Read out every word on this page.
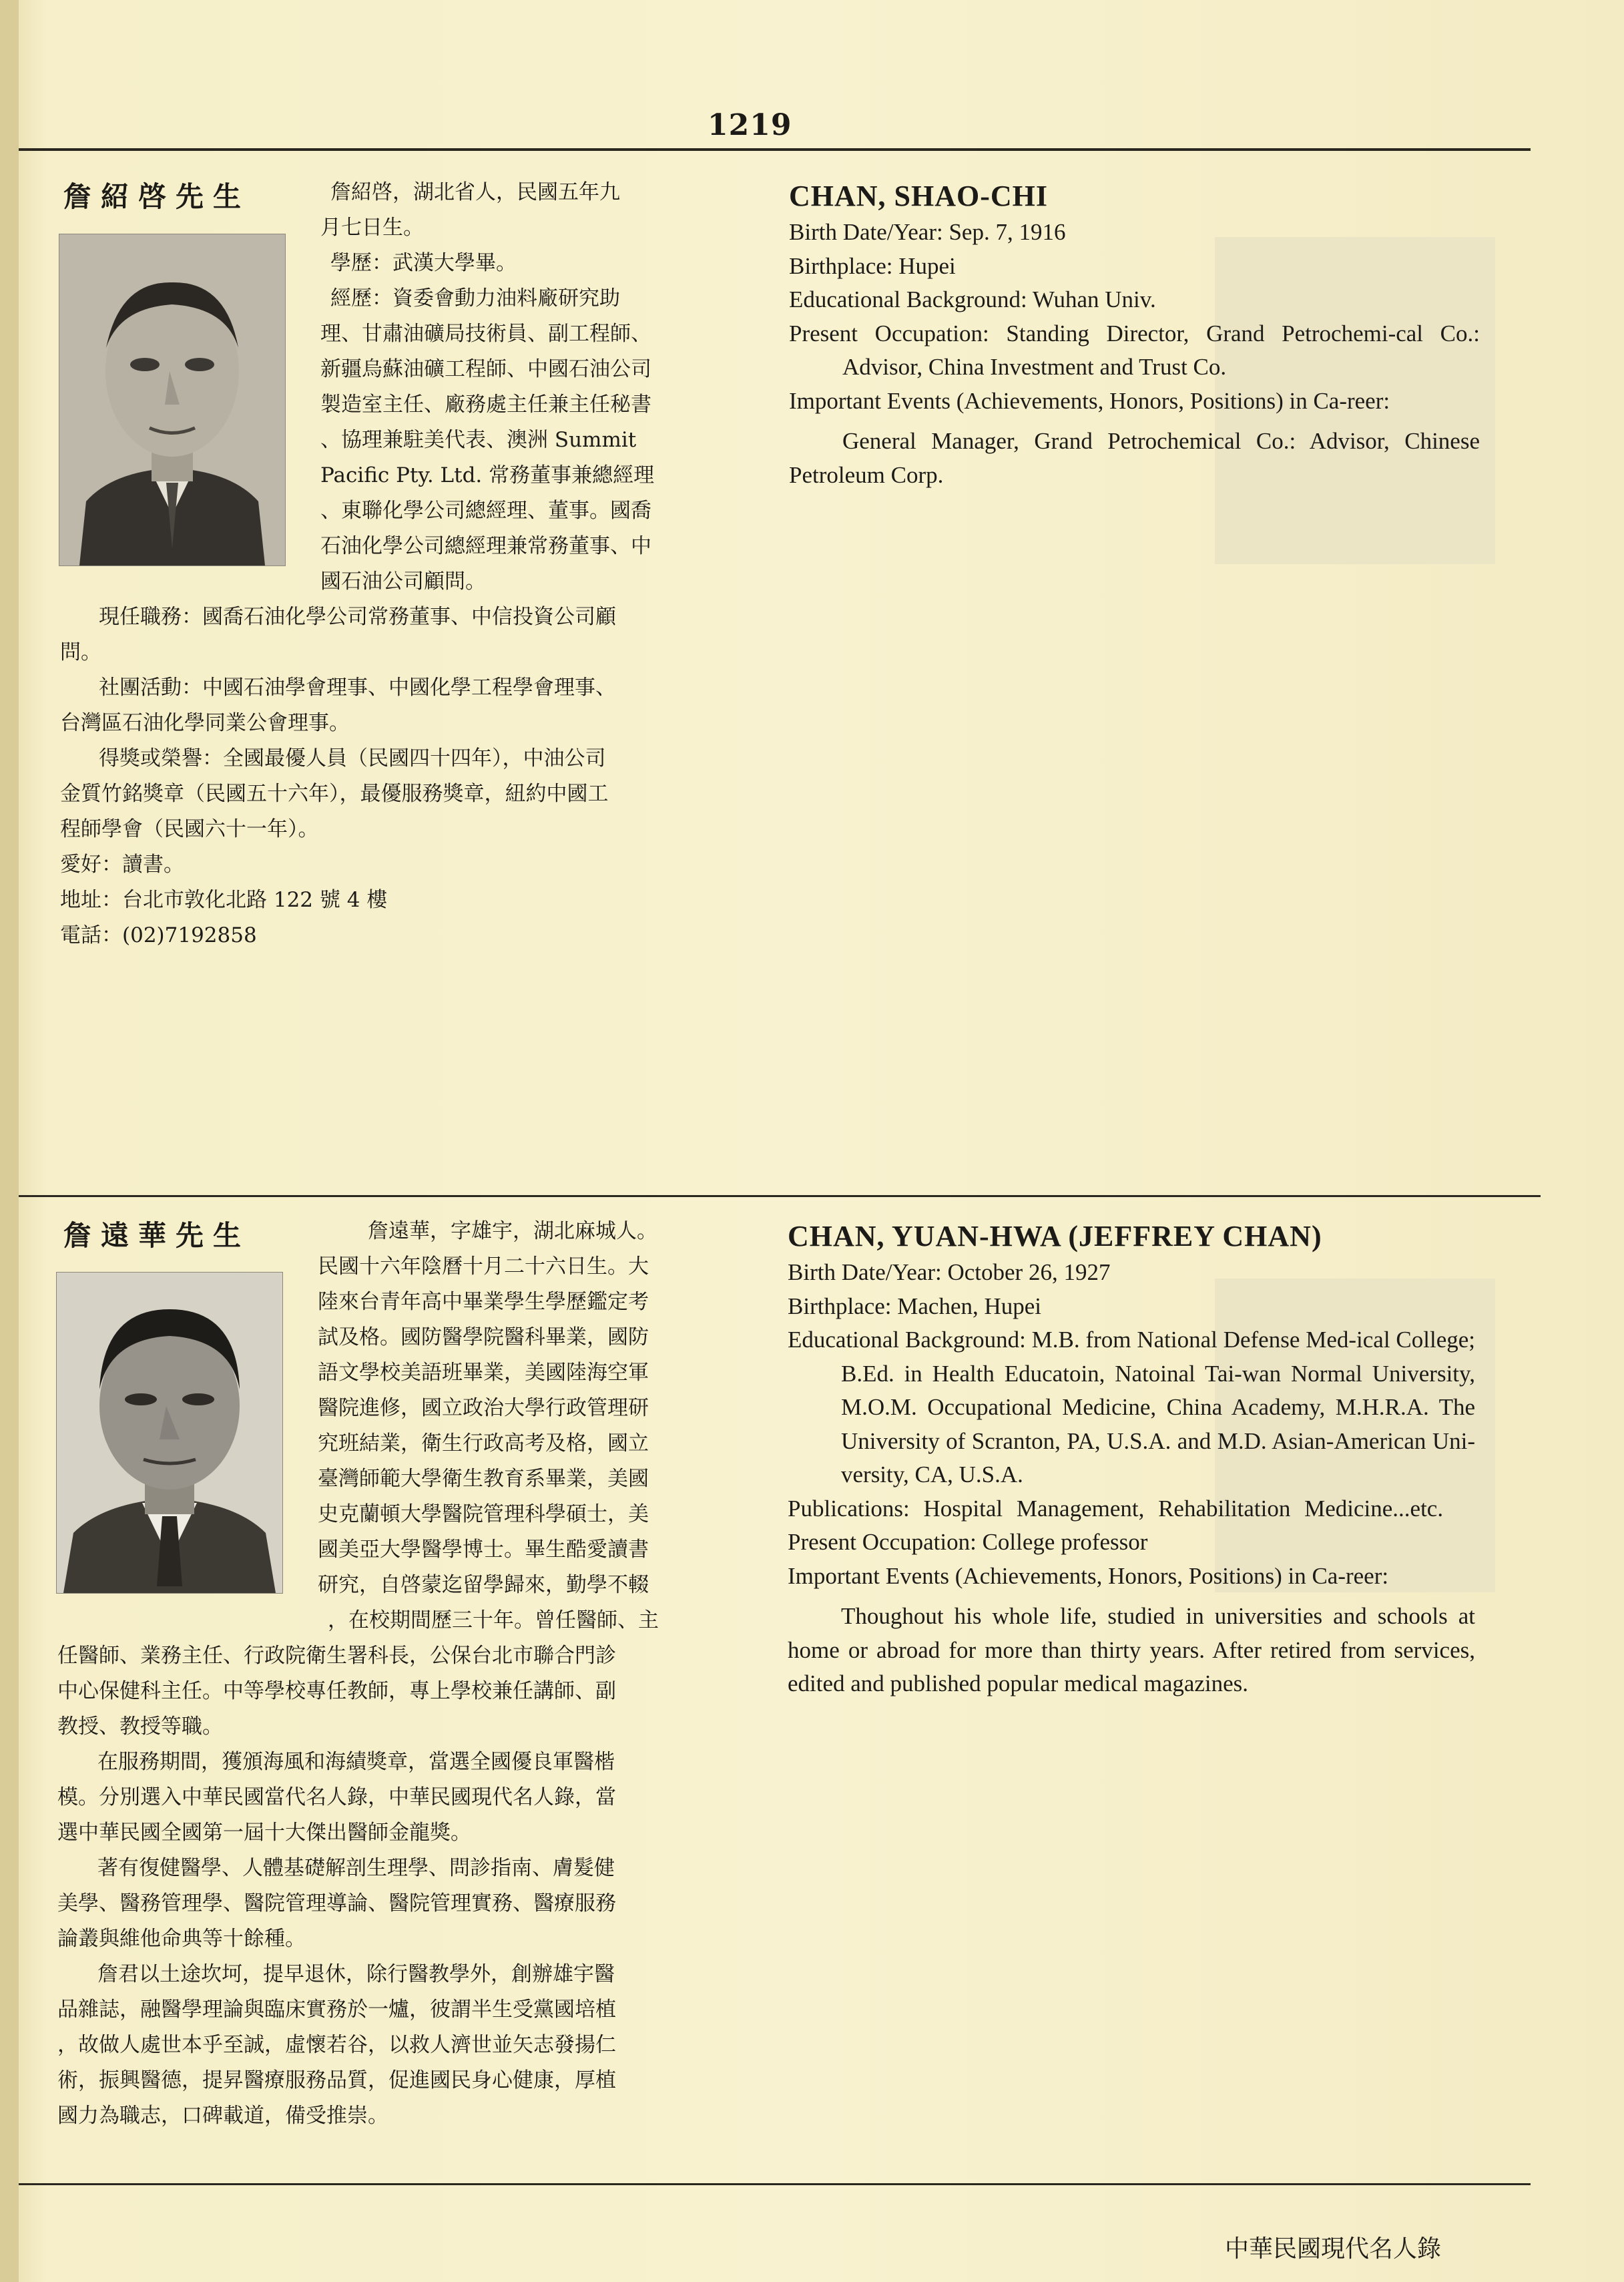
1219
詹紹啓先生	詹紹啓，湖北省人，民國五年九
月七日生。
學歷：武漢大學畢。
經歷：資委會動力油料廠研究助
理、甘肅油礦局技術員、副工程師、
新疆烏蘇油礦工程師、中國石油公司
製造室主任、廠務處主任兼主任秘書
、協理兼駐美代表、澳洲 Summit
Pacific Pty. Ltd. 常務董事兼總經理
、東聯化學公司總經理、董事。國喬
石油化學公司總經理兼常務董事、中
國石油公司顧問。
現任職務：國喬石油化學公司常務董事、中信投資公司顧
問。
社團活動：中國石油學會理事、中國化學工程學會理事、
台灣區石油化學同業公會理事。
得獎或榮譽：全國最優人員（民國四十四年），中油公司
金質竹銘獎章（民國五十六年），最優服務獎章，紐約中國工
程師學會（民國六十一年）。
愛好：讀書。
地址：台北市敦化北路 122 號 4 樓
電話：(02)7192858
CHAN, SHAO-CHI
Birth Date/Year: Sep. 7, 1916
Birthplace: Hupei
Educational Background: Wuhan Univ.
Present Occupation: Standing Director, Grand Petrochemi-cal Co.: Advisor, China Investment and Trust Co.
Important Events (Achievements, Honors, Positions) in Ca-reer:
General Manager, Grand Petrochemical Co.: Advisor, Chinese Petroleum Corp.
詹遠華先生	詹遠華，字雄宇，湖北麻城人。
民國十六年陰曆十月二十六日生。大
陸來台青年高中畢業學生學歷鑑定考
試及格。國防醫學院醫科畢業，國防
語文學校美語班畢業，美國陸海空軍
醫院進修，國立政治大學行政管理研
究班結業，衛生行政高考及格，國立
臺灣師範大學衛生教育系畢業，美國
史克蘭頓大學醫院管理科學碩士，美
國美亞大學醫學博士。畢生酷愛讀書
研究，自啓蒙迄留學歸來，勤學不輟
，在校期間歷三十年。曾任醫師、主
任醫師、業務主任、行政院衛生署科長，公保台北市聯合門診
中心保健科主任。中等學校專任教師，專上學校兼任講師、副
教授、教授等職。
在服務期間，獲頒海風和海績獎章，當選全國優良軍醫楷
模。分別選入中華民國當代名人錄，中華民國現代名人錄，當
選中華民國全國第一屆十大傑出醫師金龍獎。
著有復健醫學、人體基礎解剖生理學、問診指南、膚髮健
美學、醫務管理學、醫院管理導論、醫院管理實務、醫療服務
論叢與維他命典等十餘種。
詹君以土途坎坷，提早退休，除行醫教學外，創辦雄宇醫
品雜誌，融醫學理論與臨床實務於一爐，彼謂半生受黨國培植
，故做人處世本乎至誠，虛懷若谷，以救人濟世並矢志發揚仁
術，振興醫德，提昇醫療服務品質，促進國民身心健康，厚植
國力為職志，口碑載道，備受推崇。
CHAN, YUAN-HWA (JEFFREY CHAN)
Birth Date/Year: October 26, 1927
Birthplace: Machen, Hupei
Educational Background: M.B. from National Defense Med-ical College; B.Ed. in Health Educatoin, Natoinal Tai-wan Normal University, M.O.M. Occupational Medicine, China Academy, M.H.R.A. The University of Scranton, PA, U.S.A. and M.D. Asian-American Uni-versity, CA, U.S.A.
Publications: Hospital Management, Rehabilitation Medicine...etc.
Present Occupation: College professor
Important Events (Achievements, Honors, Positions) in Ca-reer:
Thoughout his whole life, studied in universities and schools at home or abroad for more than thirty years. After retired from services, edited and published popular medical magazines.
中華民國現代名人錄
